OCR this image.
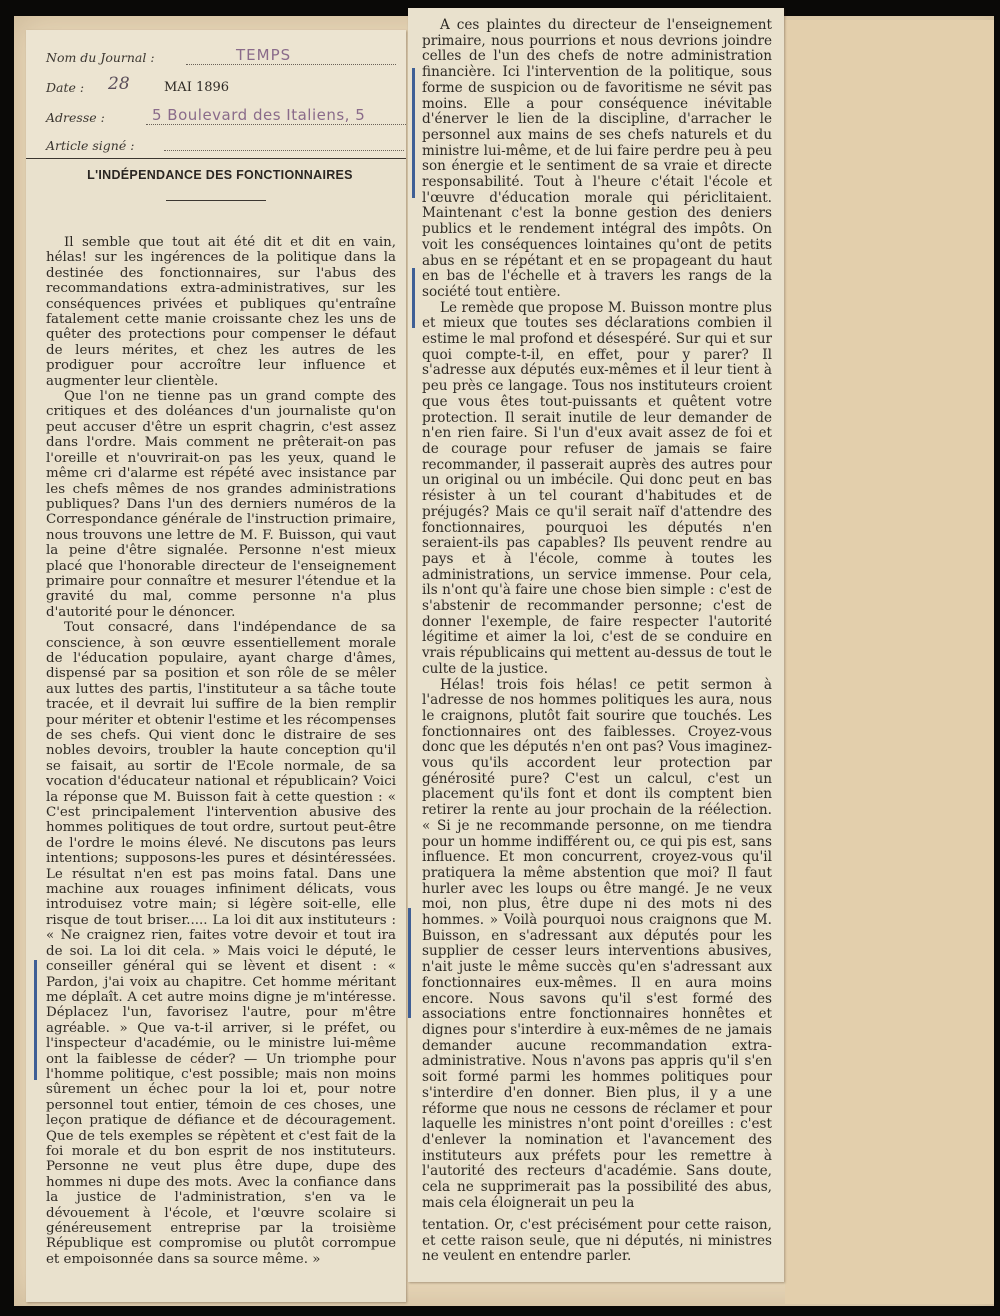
Nom du Journal :	TEMPS
Date : 28	MAI 1896
Adresse :	5 Boulevard des Italiens, 5
Article signé :
L'INDÉPENDANCE DES FONCTIONNAIRES

Il semble que tout ait été dit et dit en vain, hélas! sur les ingérences de la politique dans la destinée des fonctionnaires, sur l'abus des recommandations extra-administratives, sur les conséquences privées et publiques qu'entraîne fatalement cette manie croissante chez les uns de quêter des protections pour compenser le défaut de leurs mérites, et chez les autres de les prodiguer pour accroître leur influence et augmenter leur clientèle.

Que l'on ne tienne pas un grand compte des critiques et des doléances d'un journaliste qu'on peut accuser d'être un esprit chagrin, c'est assez dans l'ordre. Mais comment ne prêterait-on pas l'oreille et n'ouvrirait-on pas les yeux, quand le même cri d'alarme est répété avec insistance par les chefs mêmes de nos grandes administrations publiques? Dans l'un des derniers numéros de la Correspondance générale de l'instruction primaire, nous trouvons une lettre de M. F. Buisson, qui vaut la peine d'être signalée. Personne n'est mieux placé que l'honorable directeur de l'enseignement primaire pour connaître et mesurer l'étendue et la gravité du mal, comme personne n'a plus d'autorité pour le dénoncer.

Tout consacré, dans l'indépendance de sa conscience, à son œuvre essentiellement morale de l'éducation populaire, ayant charge d'âmes, dispensé par sa position et son rôle de se mêler aux luttes des partis, l'instituteur a sa tâche toute tracée, et il devrait lui suffire de la bien remplir pour mériter et obtenir l'estime et les récompenses de ses chefs. Qui vient donc le distraire de ses nobles devoirs, troubler la haute conception qu'il se faisait, au sortir de l'Ecole normale, de sa vocation d'éducateur national et républicain? Voici la réponse que M. Buisson fait à cette question : « C'est principalement l'intervention abusive des hommes politiques de tout ordre, surtout peut-être de l'ordre le moins élevé. Ne discutons pas leurs intentions; supposons-les pures et désintéressées. Le résultat n'en est pas moins fatal. Dans une machine aux rouages infiniment délicats, vous introduisez votre main; si légère soit-elle, elle risque de tout briser..... La loi dit aux instituteurs : « Ne craignez rien, faites votre devoir et tout ira de soi. La loi dit cela. » Mais voici le député, le conseiller général qui se lèvent et disent : « Pardon, j'ai voix au chapitre. Cet homme méritant me déplaît. A cet autre moins digne je m'intéresse. Déplacez l'un, favorisez l'autre, pour m'être agréable. » Que va-t-il arriver, si le préfet, ou l'inspecteur d'académie, ou le ministre lui-même ont la faiblesse de céder? — Un triomphe pour l'homme politique, c'est possible; mais non moins sûrement un échec pour la loi et, pour notre personnel tout entier, témoin de ces choses, une leçon pratique de défiance et de découragement. Que de tels exemples se répètent et c'est fait de la foi morale et du bon esprit de nos instituteurs. Personne ne veut plus être dupe, dupe des hommes ni dupe des mots. Avec la confiance dans la justice de l'administration, s'en va le dévouement à l'école, et l'œuvre scolaire si généreusement entreprise par la troisième République est compromise ou plutôt corrompue et empoisonnée dans sa source même. »

A ces plaintes du directeur de l'enseignement primaire, nous pourrions et nous devrions joindre celles de l'un des chefs de notre administration financière. Ici l'intervention de la politique, sous forme de suspicion ou de favoritisme ne sévit pas moins. Elle a pour conséquence inévitable d'énerver le lien de la discipline, d'arracher le personnel aux mains de ses chefs naturels et du ministre lui-même, et de lui faire perdre peu à peu son énergie et le sentiment de sa vraie et directe responsabilité. Tout à l'heure c'était l'école et l'œuvre d'éducation morale qui périclitaient. Maintenant c'est la bonne gestion des deniers publics et le rendement intégral des impôts. On voit les conséquences lointaines qu'ont de petits abus en se répétant et en se propageant du haut en bas de l'échelle et à travers les rangs de la société tout entière.

Le remède que propose M. Buisson montre plus et mieux que toutes ses déclarations combien il estime le mal profond et désespéré. Sur qui et sur quoi compte-t-il, en effet, pour y parer? Il s'adresse aux députés eux-mêmes et il leur tient à peu près ce langage. Tous nos instituteurs croient que vous êtes tout-puissants et quêtent votre protection. Il serait inutile de leur demander de n'en rien faire. Si l'un d'eux avait assez de foi et de courage pour refuser de jamais se faire recommander, il passerait auprès des autres pour un original ou un imbécile. Qui donc peut en bas résister à un tel courant d'habitudes et de préjugés? Mais ce qu'il serait naïf d'attendre des fonctionnaires, pourquoi les députés n'en seraient-ils pas capables? Ils peuvent rendre au pays et à l'école, comme à toutes les administrations, un service immense. Pour cela, ils n'ont qu'à faire une chose bien simple : c'est de s'abstenir de recommander personne; c'est de donner l'exemple, de faire respecter l'autorité légitime et aimer la loi, c'est de se conduire en vrais républicains qui mettent au-dessus de tout le culte de la justice.

Hélas! trois fois hélas! ce petit sermon à l'adresse de nos hommes politiques les aura, nous le craignons, plutôt fait sourire que touchés. Les fonctionnaires ont des faiblesses. Croyez-vous donc que les députés n'en ont pas? Vous imaginez-vous qu'ils accordent leur protection par générosité pure? C'est un calcul, c'est un placement qu'ils font et dont ils comptent bien retirer la rente au jour prochain de la réélection. « Si je ne recommande personne, on me tiendra pour un homme indifférent ou, ce qui pis est, sans influence. Et mon concurrent, croyez-vous qu'il pratiquera la même abstention que moi? Il faut hurler avec les loups ou être mangé. Je ne veux moi, non plus, être dupe ni des mots ni des hommes. » Voilà pourquoi nous craignons que M. Buisson, en s'adressant aux députés pour les supplier de cesser leurs interventions abusives, n'ait juste le même succès qu'en s'adressant aux fonctionnaires eux-mêmes. Il en aura moins encore. Nous savons qu'il s'est formé des associations entre fonctionnaires honnêtes et dignes pour s'interdire à eux-mêmes de ne jamais demander aucune recommandation extra-administrative. Nous n'avons pas appris qu'il s'en soit formé parmi les hommes politiques pour s'interdire d'en donner. Bien plus, il y a une réforme que nous ne cessons de réclamer et pour laquelle les ministres n'ont point d'oreilles : c'est d'enlever la nomination et l'avancement des instituteurs aux préfets pour les remettre à l'autorité des recteurs d'académie. Sans doute, cela ne supprimerait pas la possibilité des abus, mais cela éloignerait un peu la

tentation. Or, c'est précisément pour cette raison, et cette raison seule, que ni députés, ni ministres ne veulent en entendre parler.
